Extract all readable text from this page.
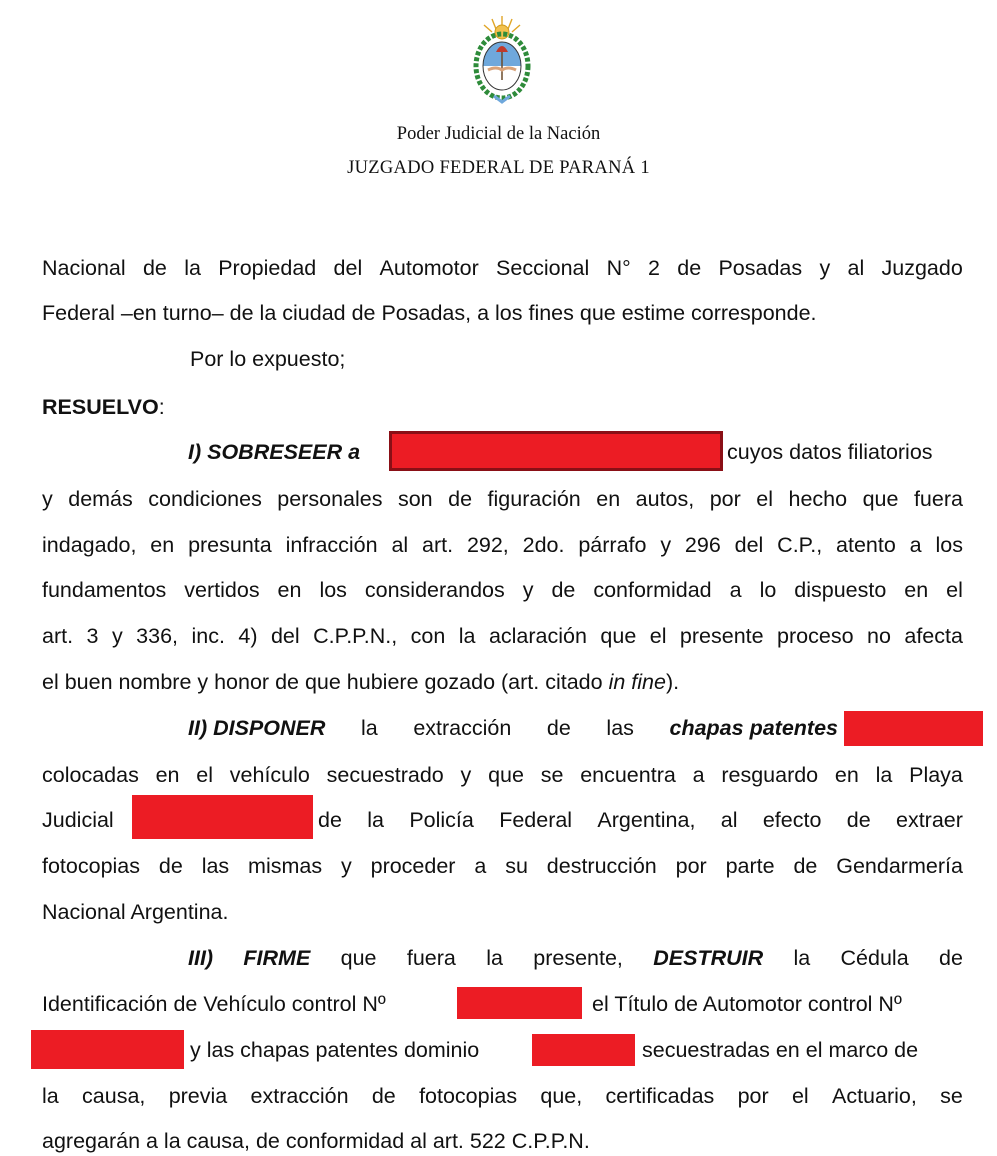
Poder Judicial de la Nación
JUZGADO FEDERAL DE PARANÁ 1
Nacional de la Propiedad del Automotor Seccional N° 2 de Posadas y al Juzgado
Federal –en turno– de la ciudad de Posadas, a los fines que estime corresponde.
Por lo expuesto;
RESUELVO:
I) SOBRESEER a	cuyos datos filiatorios
y demás condiciones personales son de figuración en autos, por el hecho que fuera
indagado, en presunta infracción al art. 292, 2do. párrafo y 296 del C.P., atento a los
fundamentos vertidos en los considerandos y de conformidad a lo dispuesto en el
art. 3 y 336, inc. 4) del C.P.P.N., con la aclaración que el presente proceso no afecta
el buen nombre y honor de que hubiere gozado (art. citado in fine).
II) DISPONER la extracción de las chapas patentes
colocadas en el vehículo secuestrado y que se encuentra a resguardo en la Playa
Judicial	de la Policía Federal Argentina, al efecto de extraer
fotocopias de las mismas y proceder a su destrucción por parte de Gendarmería
Nacional Argentina.
III) FIRME que fuera la presente, DESTRUIR la Cédula de
Identificación de Vehículo control Nº	el Título de Automotor control Nº
y las chapas patentes dominio	secuestradas en el marco de
la causa, previa extracción de fotocopias que, certificadas por el Actuario, se
agregarán a la causa, de conformidad al art. 522 C.P.P.N.
